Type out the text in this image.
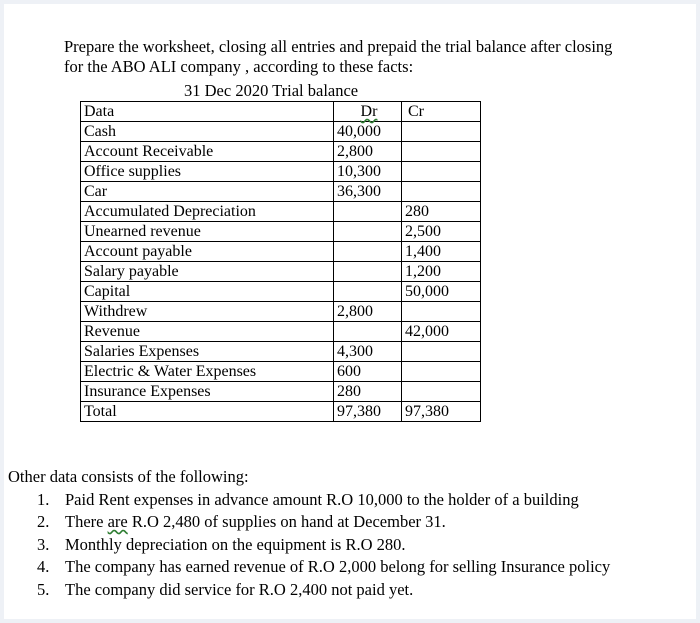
Prepare the worksheet, closing all entries and prepaid the trial balance after closing
for the ABO ALI company , according to these facts:
31 Dec 2020 Trial balance
Data	Dr	Cr
Cash	40,000	
Account Receivable	2,800	
Office supplies	10,300	
Car	36,300	
Accumulated Depreciation		280
Unearned revenue		2,500
Account payable		1,400
Salary payable		1,200
Capital		50,000
Withdrew	2,800	
Revenue		42,000
Salaries Expenses	4,300	
Electric & Water Expenses	600	
Insurance Expenses	280	
Total	97,380	97,380
Other data consists of the following:
1. Paid Rent expenses in advance amount R.O 10,000 to the holder of a building
2. There are R.O 2,480 of supplies on hand at December 31.
3. Monthly depreciation on the equipment is R.O 280.
4. The company has earned revenue of R.O 2,000 belong for selling Insurance policy
5. The company did service for R.O 2,400 not paid yet.
